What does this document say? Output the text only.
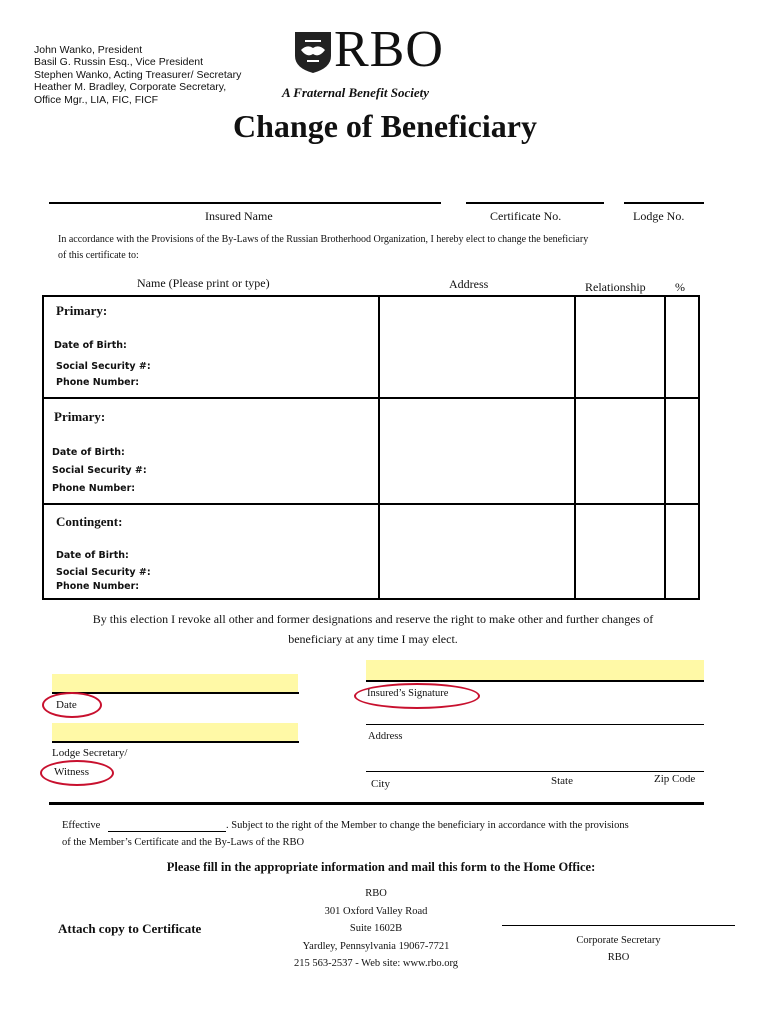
John Wanko, President
Basil G. Russin Esq., Vice President
Stephen Wanko, Acting Treasurer/ Secretary
Heather M. Bradley, Corporate Secretary,
Office Mgr., LIA, FIC, FICF
RBO
A Fraternal Benefit Society
Change of Beneficiary
Insured Name	Certificate No.	Lodge No.
In accordance with the Provisions of the By-Laws of the Russian Brotherhood Organization, I hereby elect to change the beneficiary
of this certificate to:
Name (Please print or type)	Address	Relationship %
Primary:
Date of Birth:
Social Security #:
Phone Number:
Primary:
Date of Birth:
Social Security #:
Phone Number:
Contingent:
Date of Birth:
Social Security #:
Phone Number:
By this election I revoke all other and former designations and reserve the right to make other and further changes of
beneficiary at any time I may elect.
Date
Insured’s Signature
Address
Lodge Secretary/
Witness
City	State	Zip Code
Effective	. Subject to the right of the Member to change the beneficiary in accordance with the provisions
of the Member’s Certificate and the By-Laws of the RBO
Please fill in the appropriate information and mail this form to the Home Office:
Attach copy to Certificate
RBO
301 Oxford Valley Road
Suite 1602B
Yardley, Pennsylvania 19067-7721
215 563-2537 - Web site: www.rbo.org
Corporate Secretary
RBO
